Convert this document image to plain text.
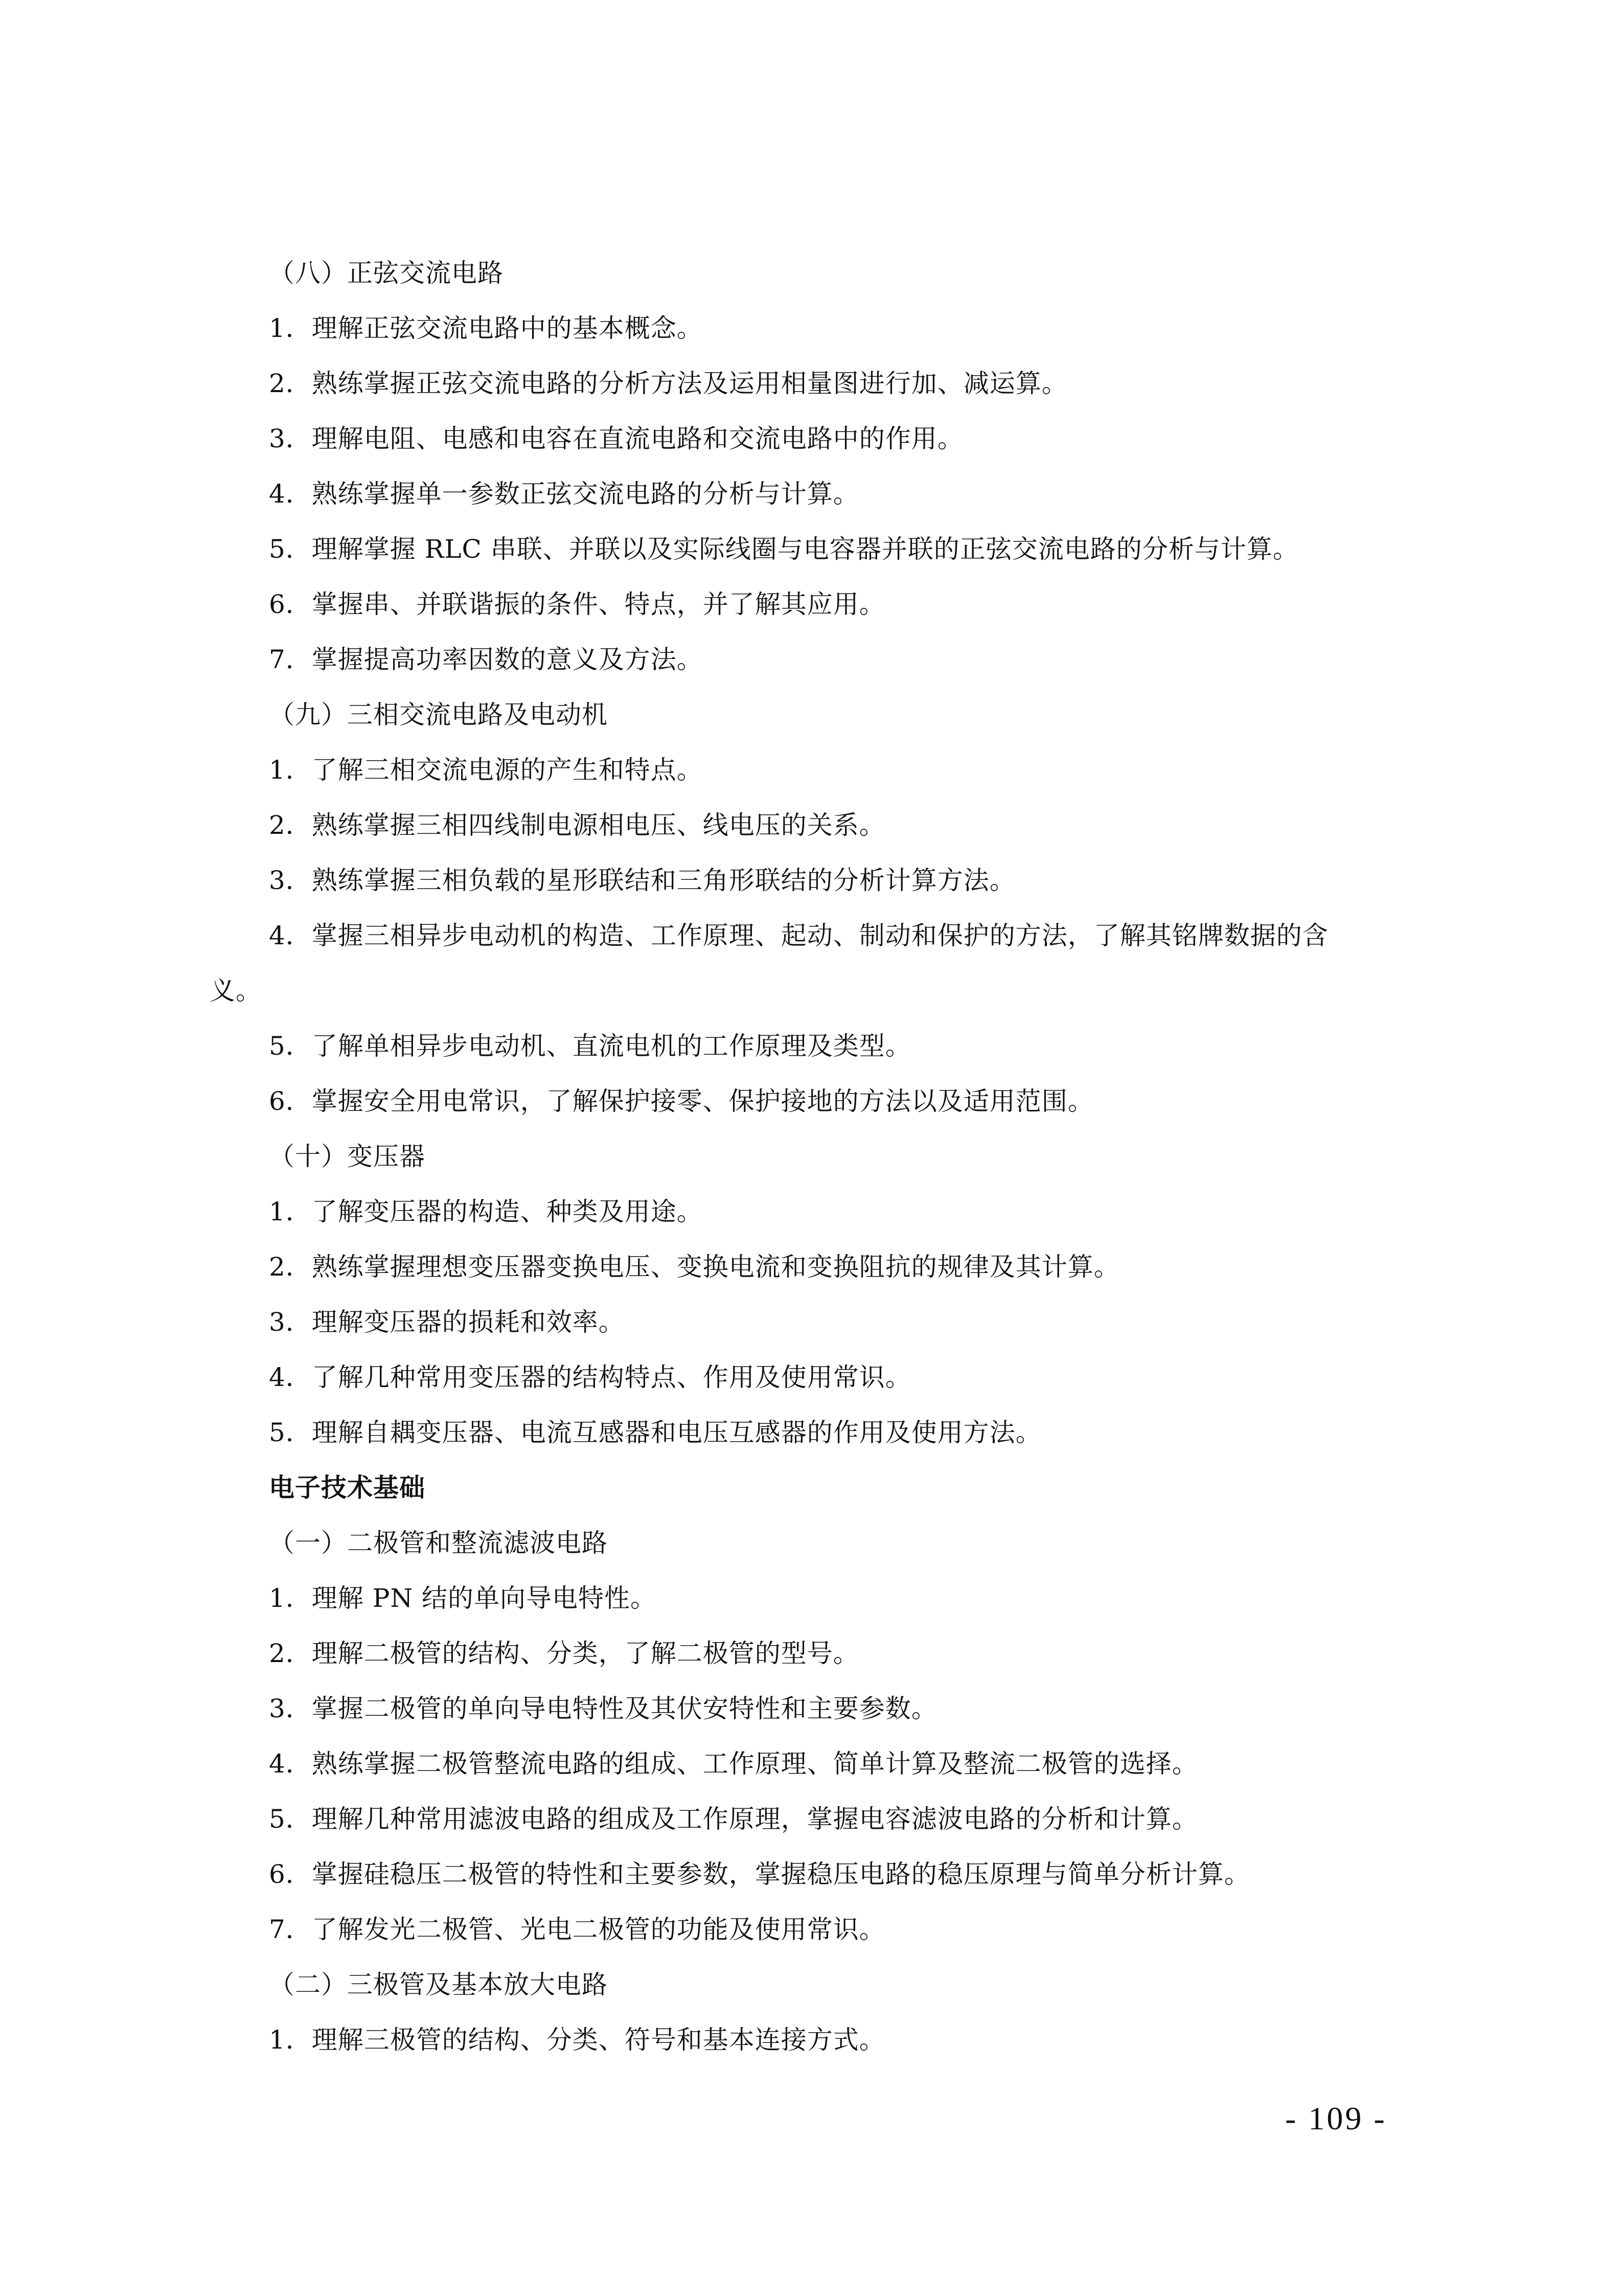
（八）正弦交流电路
1．理解正弦交流电路中的基本概念。
2．熟练掌握正弦交流电路的分析方法及运用相量图进行加、减运算。
3．理解电阻、电感和电容在直流电路和交流电路中的作用。
4．熟练掌握单一参数正弦交流电路的分析与计算。
5．理解掌握 RLC 串联、并联以及实际线圈与电容器并联的正弦交流电路的分析与计算。
6．掌握串、并联谐振的条件、特点，并了解其应用。
7．掌握提高功率因数的意义及方法。
（九）三相交流电路及电动机
1．了解三相交流电源的产生和特点。
2．熟练掌握三相四线制电源相电压、线电压的关系。
3．熟练掌握三相负载的星形联结和三角形联结的分析计算方法。
4．掌握三相异步电动机的构造、工作原理、起动、制动和保护的方法，了解其铭牌数据的含
义。
5．了解单相异步电动机、直流电机的工作原理及类型。
6．掌握安全用电常识，了解保护接零、保护接地的方法以及适用范围。
（十）变压器
1．了解变压器的构造、种类及用途。
2．熟练掌握理想变压器变换电压、变换电流和变换阻抗的规律及其计算。
3．理解变压器的损耗和效率。
4．了解几种常用变压器的结构特点、作用及使用常识。
5．理解自耦变压器、电流互感器和电压互感器的作用及使用方法。
电子技术基础
（一）二极管和整流滤波电路
1．理解 PN 结的单向导电特性。
2．理解二极管的结构、分类，了解二极管的型号。
3．掌握二极管的单向导电特性及其伏安特性和主要参数。
4．熟练掌握二极管整流电路的组成、工作原理、简单计算及整流二极管的选择。
5．理解几种常用滤波电路的组成及工作原理，掌握电容滤波电路的分析和计算。
6．掌握硅稳压二极管的特性和主要参数，掌握稳压电路的稳压原理与简单分析计算。
7．了解发光二极管、光电二极管的功能及使用常识。
（二）三极管及基本放大电路
1．理解三极管的结构、分类、符号和基本连接方式。
- 109 -
